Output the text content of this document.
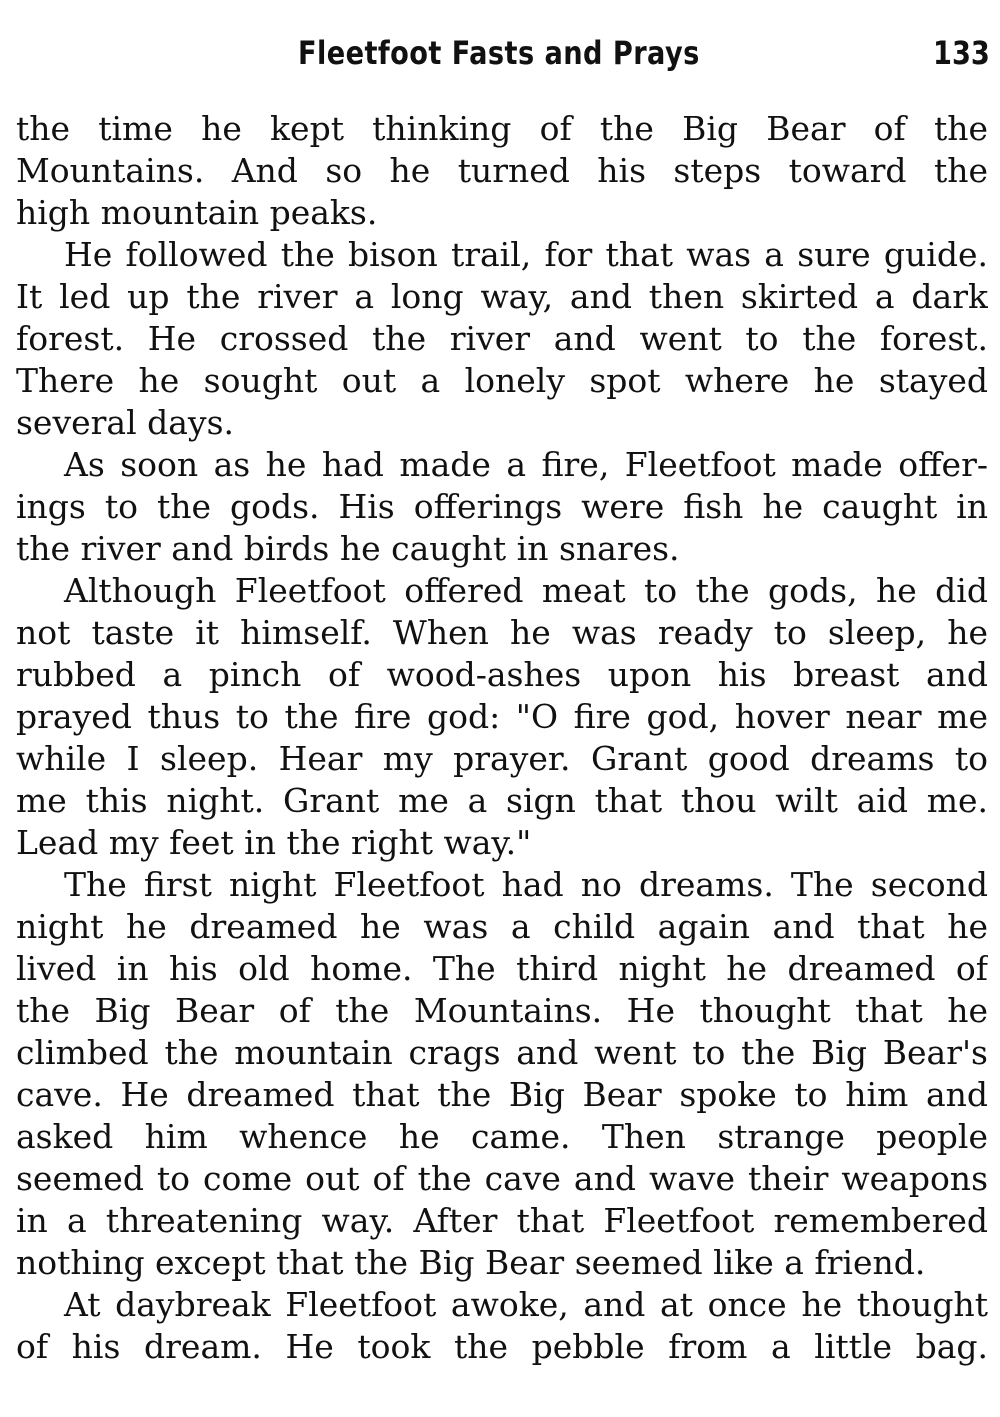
Fleetfoot Fasts and Prays	133
the time he kept thinking of the Big Bear of the
Mountains. And so he turned his steps toward the
high mountain peaks.
He followed the bison trail, for that was a sure guide.
It led up the river a long way, and then skirted a dark
forest. He crossed the river and went to the forest.
There he sought out a lonely spot where he stayed
several days.
As soon as he had made a fire, Fleetfoot made offer-
ings to the gods. His offerings were fish he caught in
the river and birds he caught in snares.
Although Fleetfoot offered meat to the gods, he did
not taste it himself. When he was ready to sleep, he
rubbed a pinch of wood-ashes upon his breast and
prayed thus to the fire god: "O fire god, hover near me
while I sleep. Hear my prayer. Grant good dreams to
me this night. Grant me a sign that thou wilt aid me.
Lead my feet in the right way."
The first night Fleetfoot had no dreams. The second
night he dreamed he was a child again and that he
lived in his old home. The third night he dreamed of
the Big Bear of the Mountains. He thought that he
climbed the mountain crags and went to the Big Bear's
cave. He dreamed that the Big Bear spoke to him and
asked him whence he came. Then strange people
seemed to come out of the cave and wave their weapons
in a threatening way. After that Fleetfoot remembered
nothing except that the Big Bear seemed like a friend.
At daybreak Fleetfoot awoke, and at once he thought
of his dream. He took the pebble from a little bag.
